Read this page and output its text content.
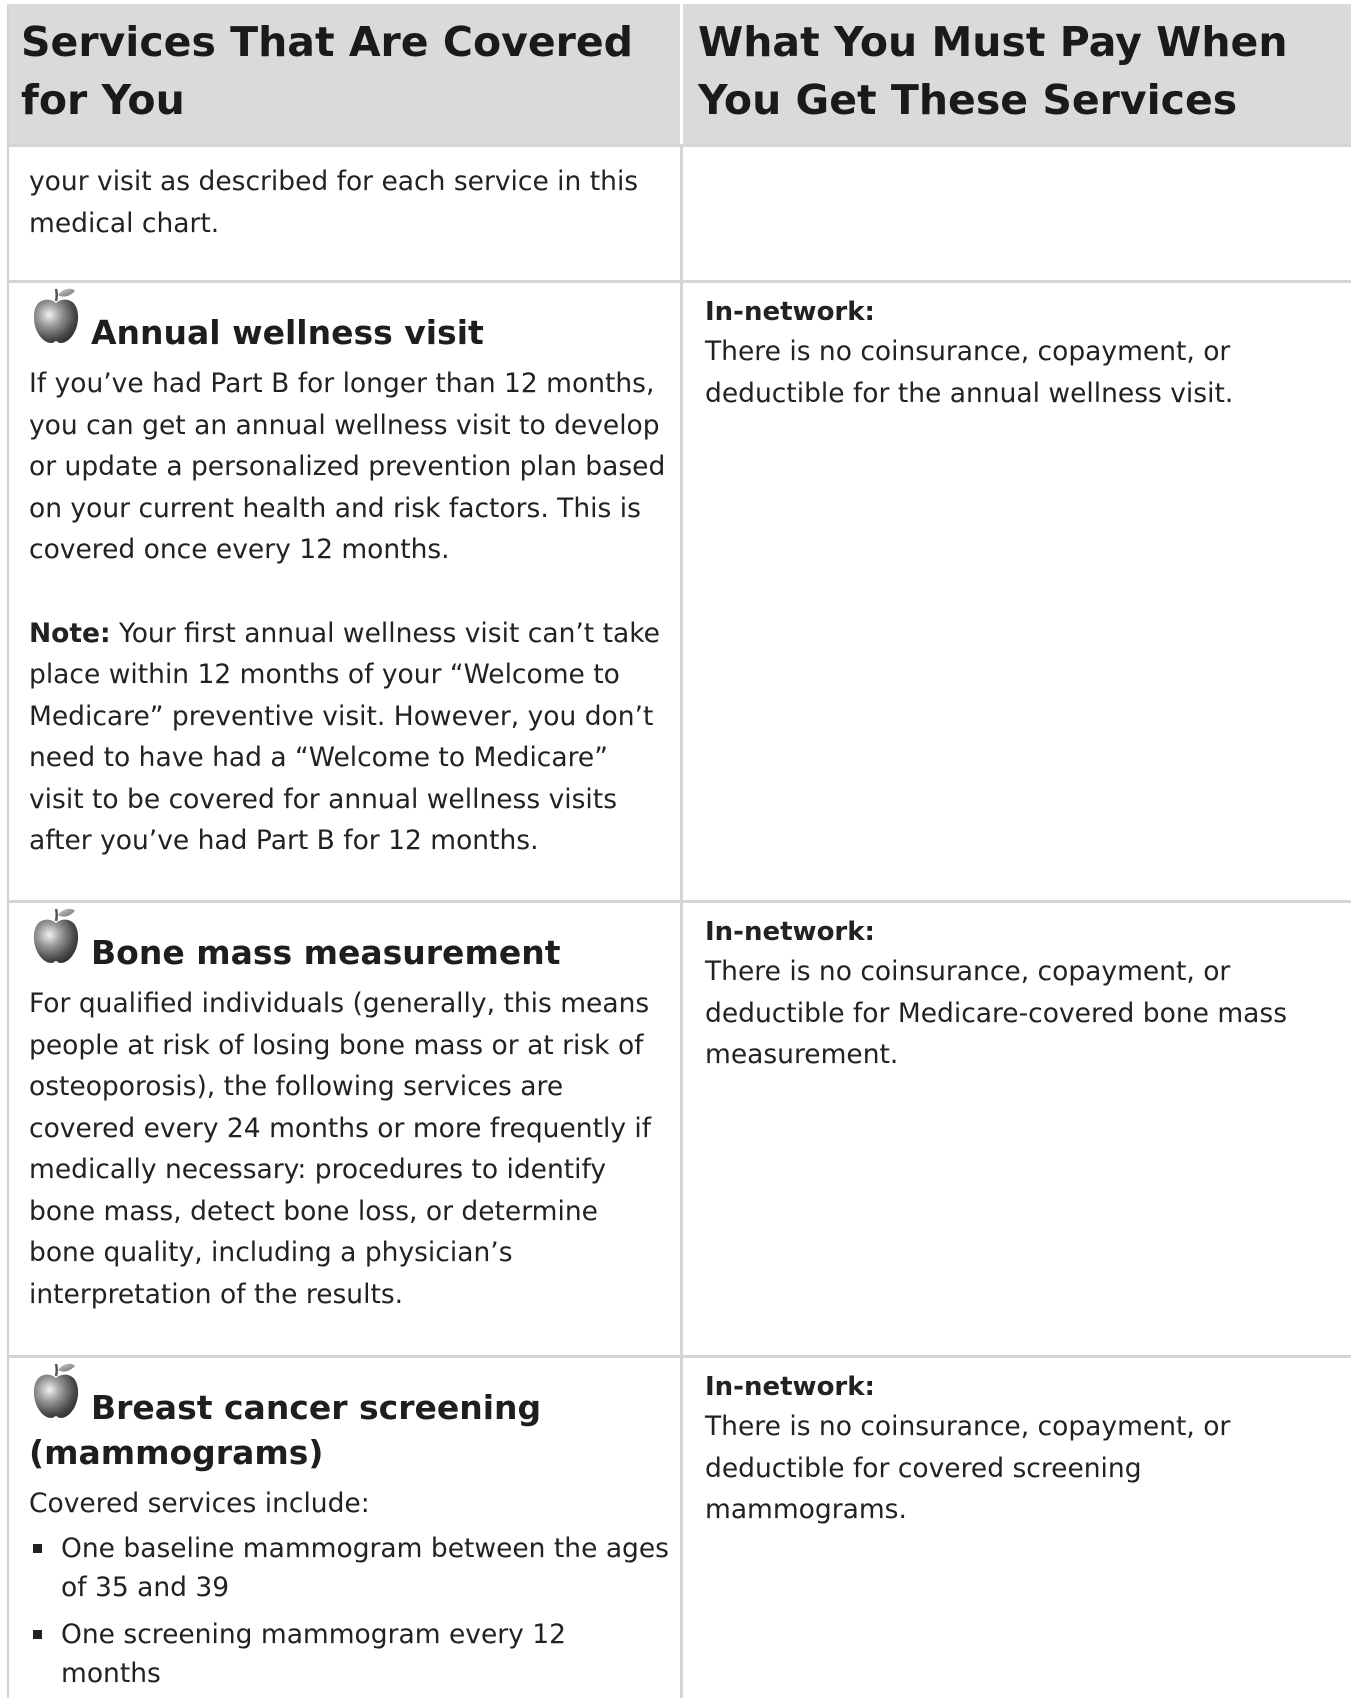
Services That Are Covered for You
What You Must Pay When You Get These Services

your visit as described for each service in this medical chart.

Annual wellness visit

If you’ve had Part B for longer than 12 months, you can get an annual wellness visit to develop or update a personalized prevention plan based on your current health and risk factors. This is covered once every 12 months.

Note: Your first annual wellness visit can’t take place within 12 months of your “Welcome to Medicare” preventive visit. However, you don’t need to have had a “Welcome to Medicare” visit to be covered for annual wellness visits after you’ve had Part B for 12 months.

In-network:
There is no coinsurance, copayment, or deductible for the annual wellness visit.
Bone mass measurement

For qualified individuals (generally, this means people at risk of losing bone mass or at risk of osteoporosis), the following services are covered every 24 months or more frequently if medically necessary: procedures to identify bone mass, detect bone loss, or determine bone quality, including a physician’s interpretation of the results.

In-network:
There is no coinsurance, copayment, or deductible for Medicare-covered bone mass measurement.
Breast cancer screening
(mammograms)

Covered services include:

One baseline mammogram between the ages of 35 and 39
One screening mammogram every 12 months
In-network:
There is no coinsurance, copayment, or deductible for covered screening mammograms.
